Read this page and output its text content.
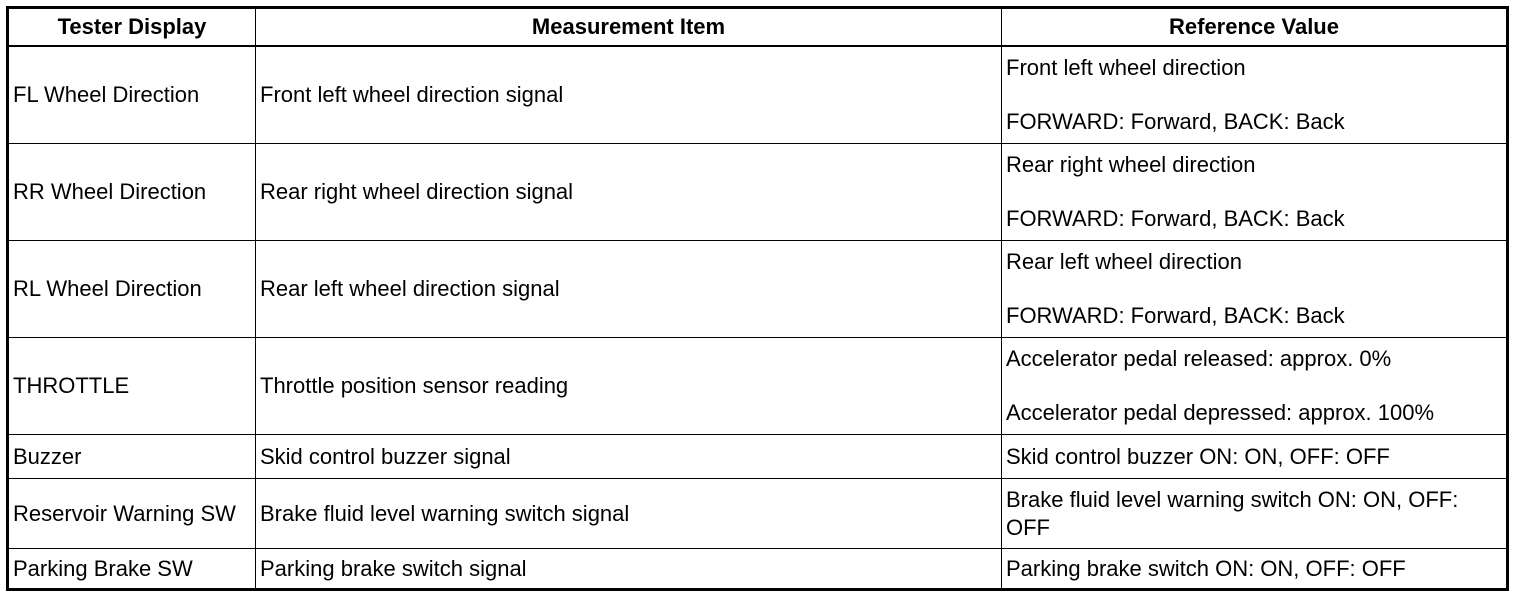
Tester Display	Measurement Item	Reference Value
FL Wheel Direction	Front left wheel direction signal	Front left wheel direction
FORWARD: Forward, BACK: Back

RR Wheel Direction	Rear right wheel direction signal	Rear right wheel direction
FORWARD: Forward, BACK: Back

RL Wheel Direction	Rear left wheel direction signal	Rear left wheel direction
FORWARD: Forward, BACK: Back

THROTTLE	Throttle position sensor reading	Accelerator pedal released: approx. 0%
Accelerator pedal depressed: approx. 100%

Buzzer	Skid control buzzer signal	Skid control buzzer ON: ON, OFF: OFF
Reservoir Warning SW	Brake fluid level warning switch signal	Brake fluid level warning switch ON: ON, OFF: OFF
Parking Brake SW	Parking brake switch signal	Parking brake switch ON: ON, OFF: OFF
